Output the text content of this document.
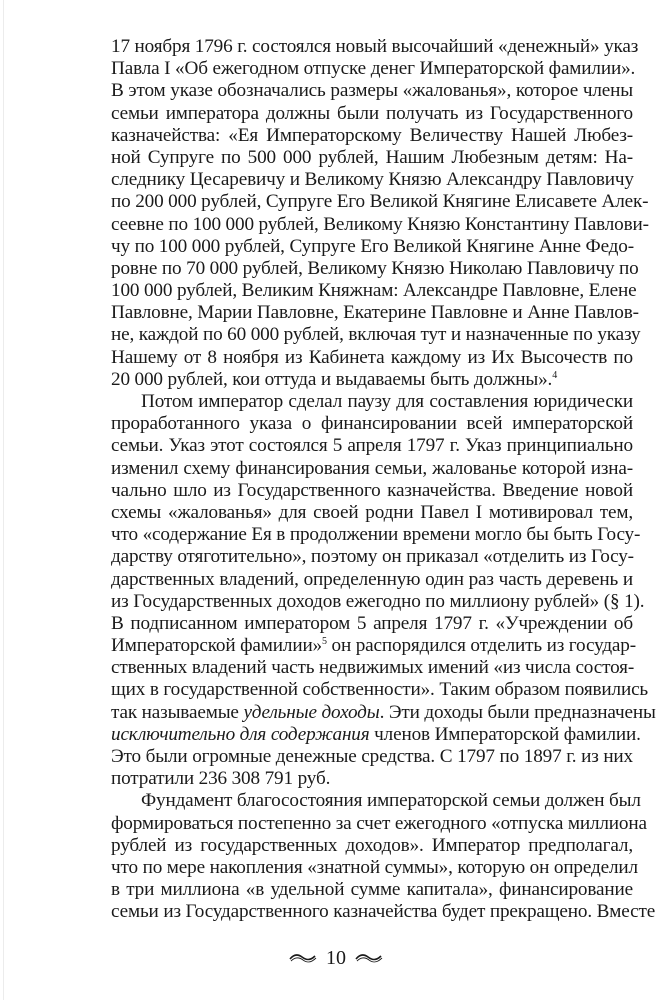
17 ноября 1796 г. состоялся новый высочайший «денежный» указ
Павла I «Об ежегодном отпуске денег Императорской фамилии».
В этом указе обозначались размеры «жалованья», которое члены
семьи императора должны были получать из Государственного
казначейства: «Ея Императорскому Величеству Нашей Любез-
ной Супруге по 500 000 рублей, Нашим Любезным детям: На-
следнику Цесаревичу и Великому Князю Александру Павловичу
по 200 000 рублей, Супруге Его Великой Княгине Елисавете Алек-
сеевне по 100 000 рублей, Великому Князю Константину Павлови-
чу по 100 000 рублей, Супруге Его Великой Княгине Анне Федо-
ровне по 70 000 рублей, Великому Князю Николаю Павловичу по
100 000 рублей, Великим Княжнам: Александре Павловне, Елене
Павловне, Марии Павловне, Екатерине Павловне и Анне Павлов-
не, каждой по 60 000 рублей, включая тут и назначенные по указу
Нашему от 8 ноября из Кабинета каждому из Их Высочеств по
20 000 рублей, кои оттуда и выдаваемы быть должны».$^4$
Потом император сделал паузу для составления юридически
проработанного указа о финансировании всей императорской
семьи. Указ этот состоялся 5 апреля 1797 г. Указ принципиально
изменил схему финансирования семьи, жалованье которой изна-
чально шло из Государственного казначейства. Введение новой
схемы «жалованья» для своей родни Павел I мотивировал тем,
что «содержание Ея в продолжении времени могло бы быть Госу-
дарству отяготительно», поэтому он приказал «отделить из Госу-
дарственных владений, определенную один раз часть деревень и
из Государственных доходов ежегодно по миллиону рублей» (§ 1).
В подписанном императором 5 апреля 1797 г. «Учреждении об
Императорской фамилии»$^5$ он распорядился отделить из государ-
ственных владений часть недвижимых имений «из числа состоя-
щих в государственной собственности». Таким образом появились
так называемые удельные доходы. Эти доходы были предназначены
исключительно для содержания членов Императорской фамилии.
Это были огромные денежные средства. С 1797 по 1897 г. из них
потратили 236 308 791 руб.
Фундамент благосостояния императорской семьи должен был
формироваться постепенно за счет ежегодного «отпуска миллиона
рублей из государственных доходов». Император предполагал,
что по мере накопления «знатной суммы», которую он определил
в три миллиона «в удельной сумме капитала», финансирование
семьи из Государственного казначейства будет прекращено. Вместе
10
